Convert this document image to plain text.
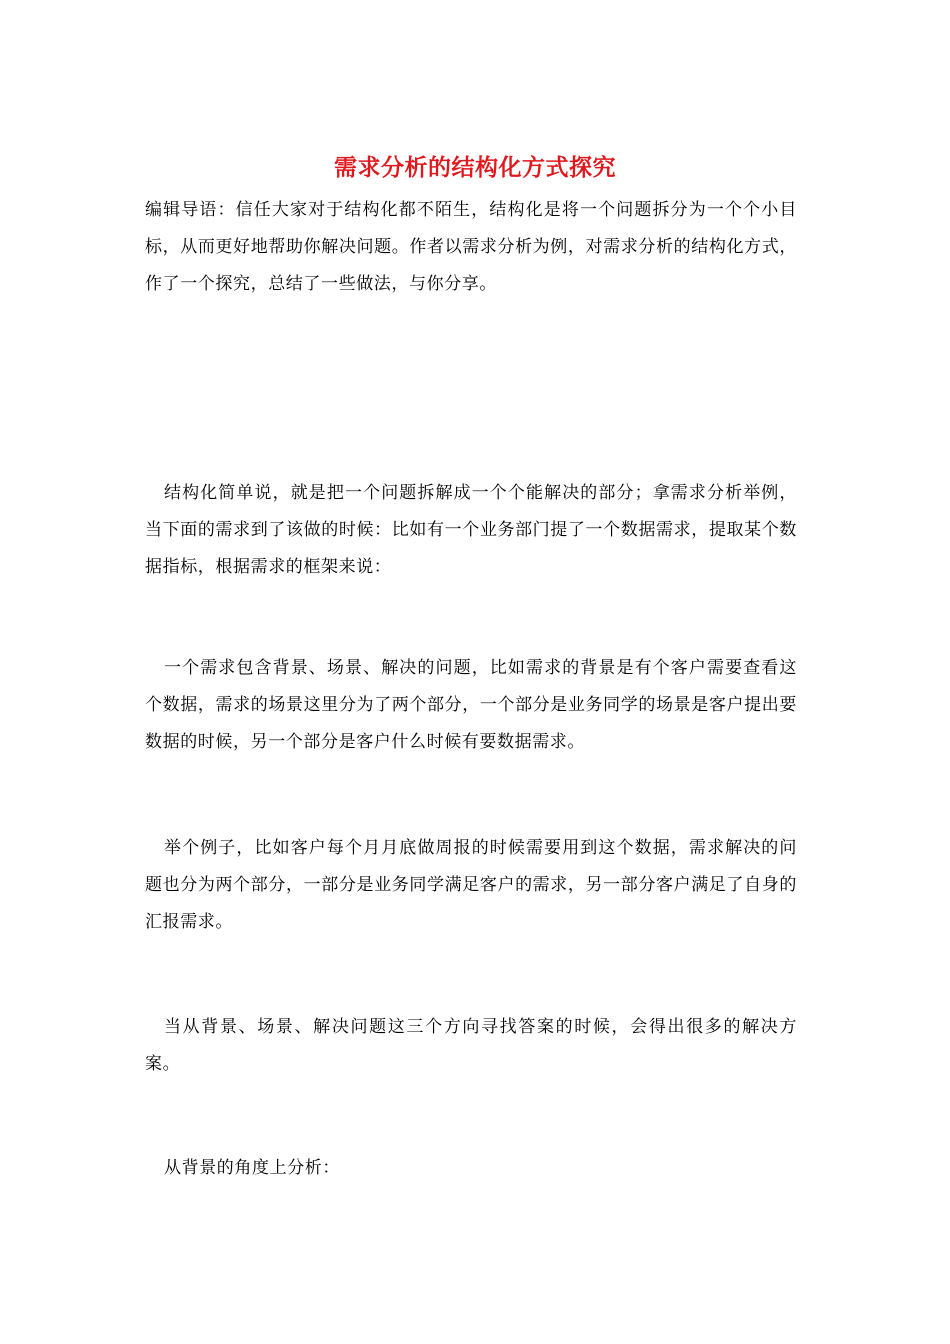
需求分析的结构化方式探究

编辑导语：信任大家对于结构化都不陌生，结构化是将一个问题拆分为一个个小目标，从而更好地帮助你解决问题。作者以需求分析为例，对需求分析的结构化方式，作了一个探究，总结了一些做法，与你分享。

结构化简单说，就是把一个问题拆解成一个个能解决的部分；拿需求分析举例，当下面的需求到了该做的时候：比如有一个业务部门提了一个数据需求，提取某个数据指标，根据需求的框架来说：

一个需求包含背景、场景、解决的问题，比如需求的背景是有个客户需要查看这个数据，需求的场景这里分为了两个部分，一个部分是业务同学的场景是客户提出要数据的时候，另一个部分是客户什么时候有要数据需求。

举个例子，比如客户每个月月底做周报的时候需要用到这个数据，需求解决的问题也分为两个部分，一部分是业务同学满足客户的需求，另一部分客户满足了自身的汇报需求。

当从背景、场景、解决问题这三个方向寻找答案的时候，会得出很多的解决方案。

从背景的角度上分析：
